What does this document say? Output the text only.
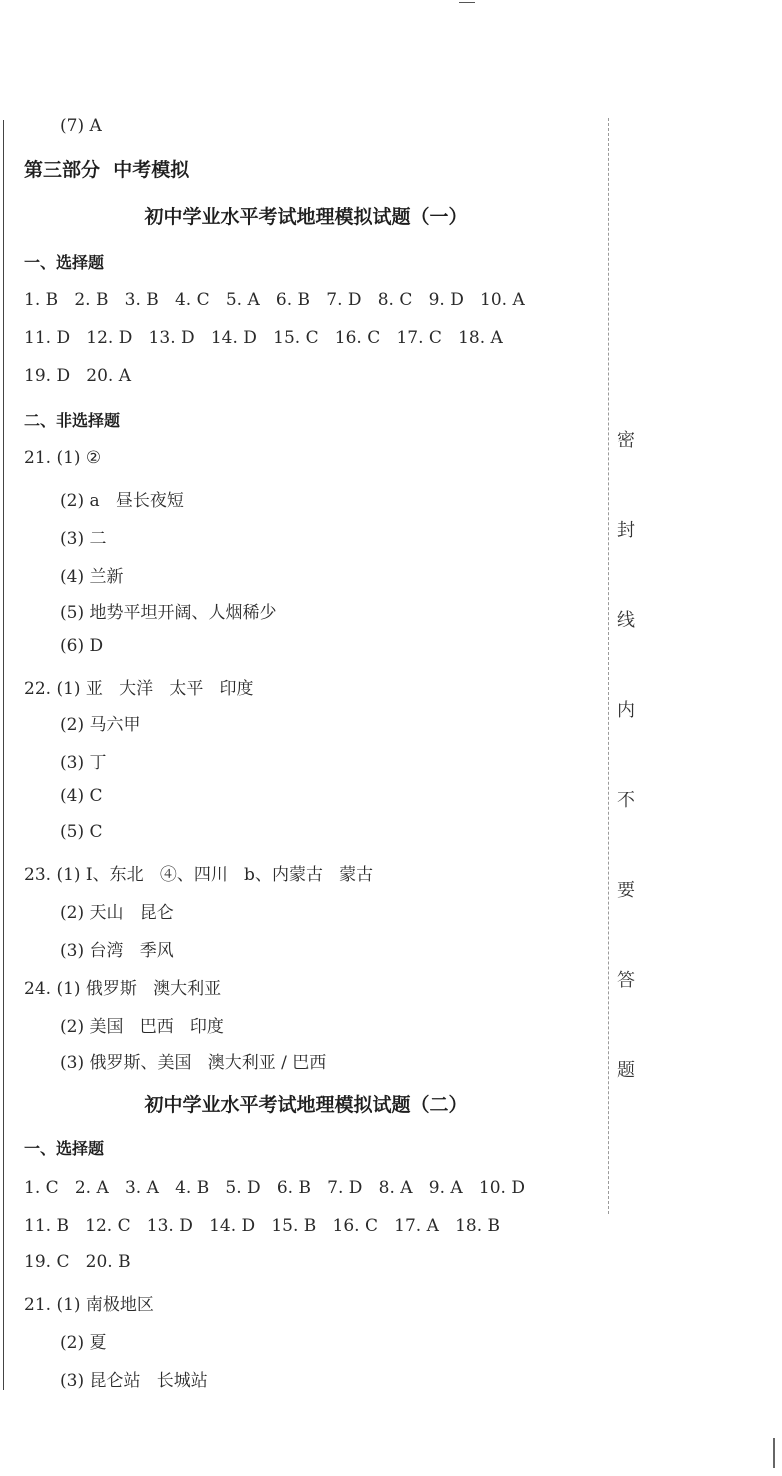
密
封
线
内
不
要
答
题
(7) A
第三部分  中考模拟
初中学业水平考试地理模拟试题（一）
一、选择题
1. B   2. B   3. B   4. C   5. A   6. B   7. D   8. C   9. D   10. A
11. D   12. D   13. D   14. D   15. C   16. C   17. C   18. A
19. D   20. A
二、非选择题
21. (1) ②
(2) a   昼长夜短
(3) 二
(4) 兰新
(5) 地势平坦开阔、人烟稀少
(6) D
22. (1) 亚   大洋   太平   印度
(2) 马六甲
(3) 丁
(4) C
(5) C
23. (1) Ⅰ、东北   ④、四川   b、内蒙古   蒙古
(2) 天山   昆仑
(3) 台湾   季风
24. (1) 俄罗斯   澳大利亚
(2) 美国   巴西   印度
(3) 俄罗斯、美国   澳大利亚 / 巴西
初中学业水平考试地理模拟试题（二）
一、选择题
1. C   2. A   3. A   4. B   5. D   6. B   7. D   8. A   9. A   10. D
11. B   12. C   13. D   14. D   15. B   16. C   17. A   18. B
19. C   20. B
21. (1) 南极地区
(2) 夏
(3) 昆仑站   长城站
